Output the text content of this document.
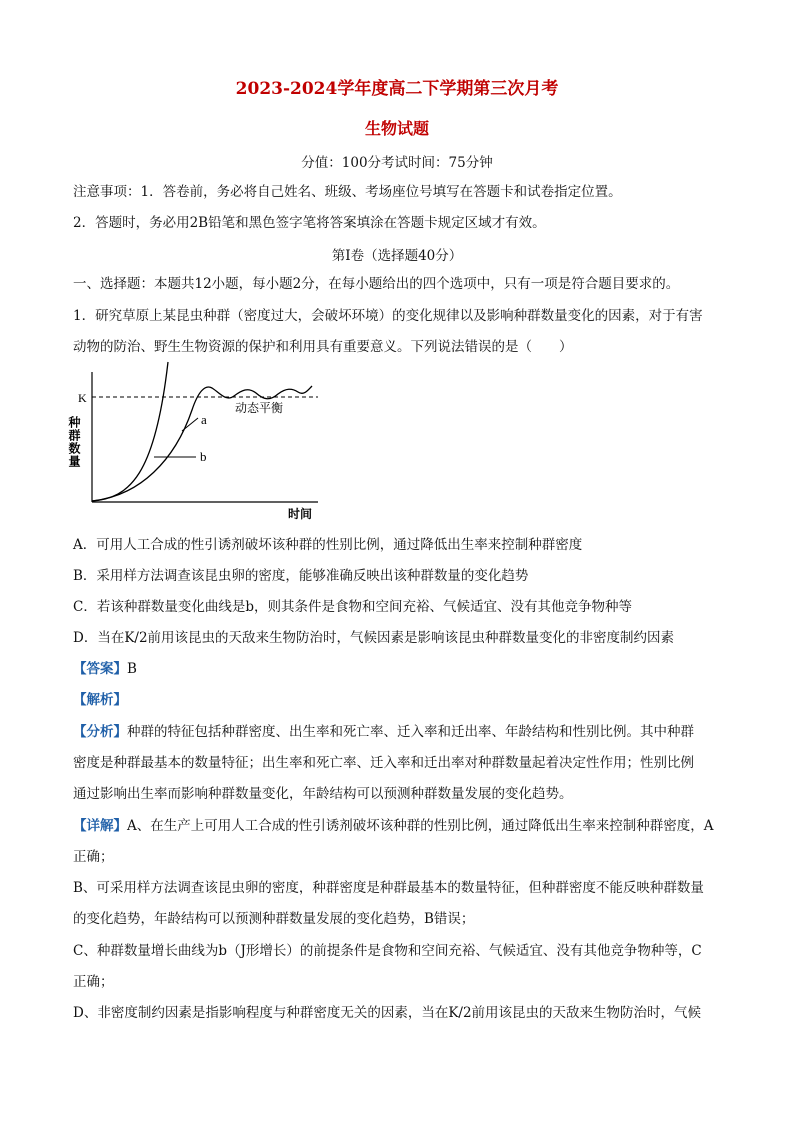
2023-2024学年度高二下学期第三次月考
生物试题
分值：100分考试时间：75分钟
注意事项：1．答卷前，务必将自己姓名、班级、考场座位号填写在答题卡和试卷指定位置。
2．答题时，务必用2B铅笔和黑色签字笔将答案填涂在答题卡规定区域才有效。
第Ⅰ卷（选择题40分）
一、选择题：本题共12小题，每小题2分，在每小题给出的四个选项中，只有一项是符合题目要求的。
1．研究草原上某昆虫种群（密度过大，会破坏环境）的变化规律以及影响种群数量变化的因素，对于有害
动物的防治、野生生物资源的保护和利用具有重要意义。下列说法错误的是（　　）
K
a
b
动态平衡
时间
种群数量
A．可用人工合成的性引诱剂破坏该种群的性别比例，通过降低出生率来控制种群密度
B．采用样方法调查该昆虫卵的密度，能够准确反映出该种群数量的变化趋势
C．若该种群数量变化曲线是b，则其条件是食物和空间充裕、气候适宜、没有其他竞争物种等
D．当在K/2前用该昆虫的天敌来生物防治时，气候因素是影响该昆虫种群数量变化的非密度制约因素
【答案】B
【解析】
【分析】种群的特征包括种群密度、出生率和死亡率、迁入率和迁出率、年龄结构和性别比例。其中种群
密度是种群最基本的数量特征；出生率和死亡率、迁入率和迁出率对种群数量起着决定性作用；性别比例
通过影响出生率而影响种群数量变化，年龄结构可以预测种群数量发展的变化趋势。
【详解】A、在生产上可用人工合成的性引诱剂破坏该种群的性别比例，通过降低出生率来控制种群密度，A
正确；
B、可采用样方法调查该昆虫卵的密度，种群密度是种群最基本的数量特征，但种群密度不能反映种群数量
的变化趋势，年龄结构可以预测种群数量发展的变化趋势，B错误；
C、种群数量增长曲线为b（J形增长）的前提条件是食物和空间充裕、气候适宜、没有其他竞争物种等，C
正确；
D、非密度制约因素是指影响程度与种群密度无关的因素，当在K/2前用该昆虫的天敌来生物防治时，气候
